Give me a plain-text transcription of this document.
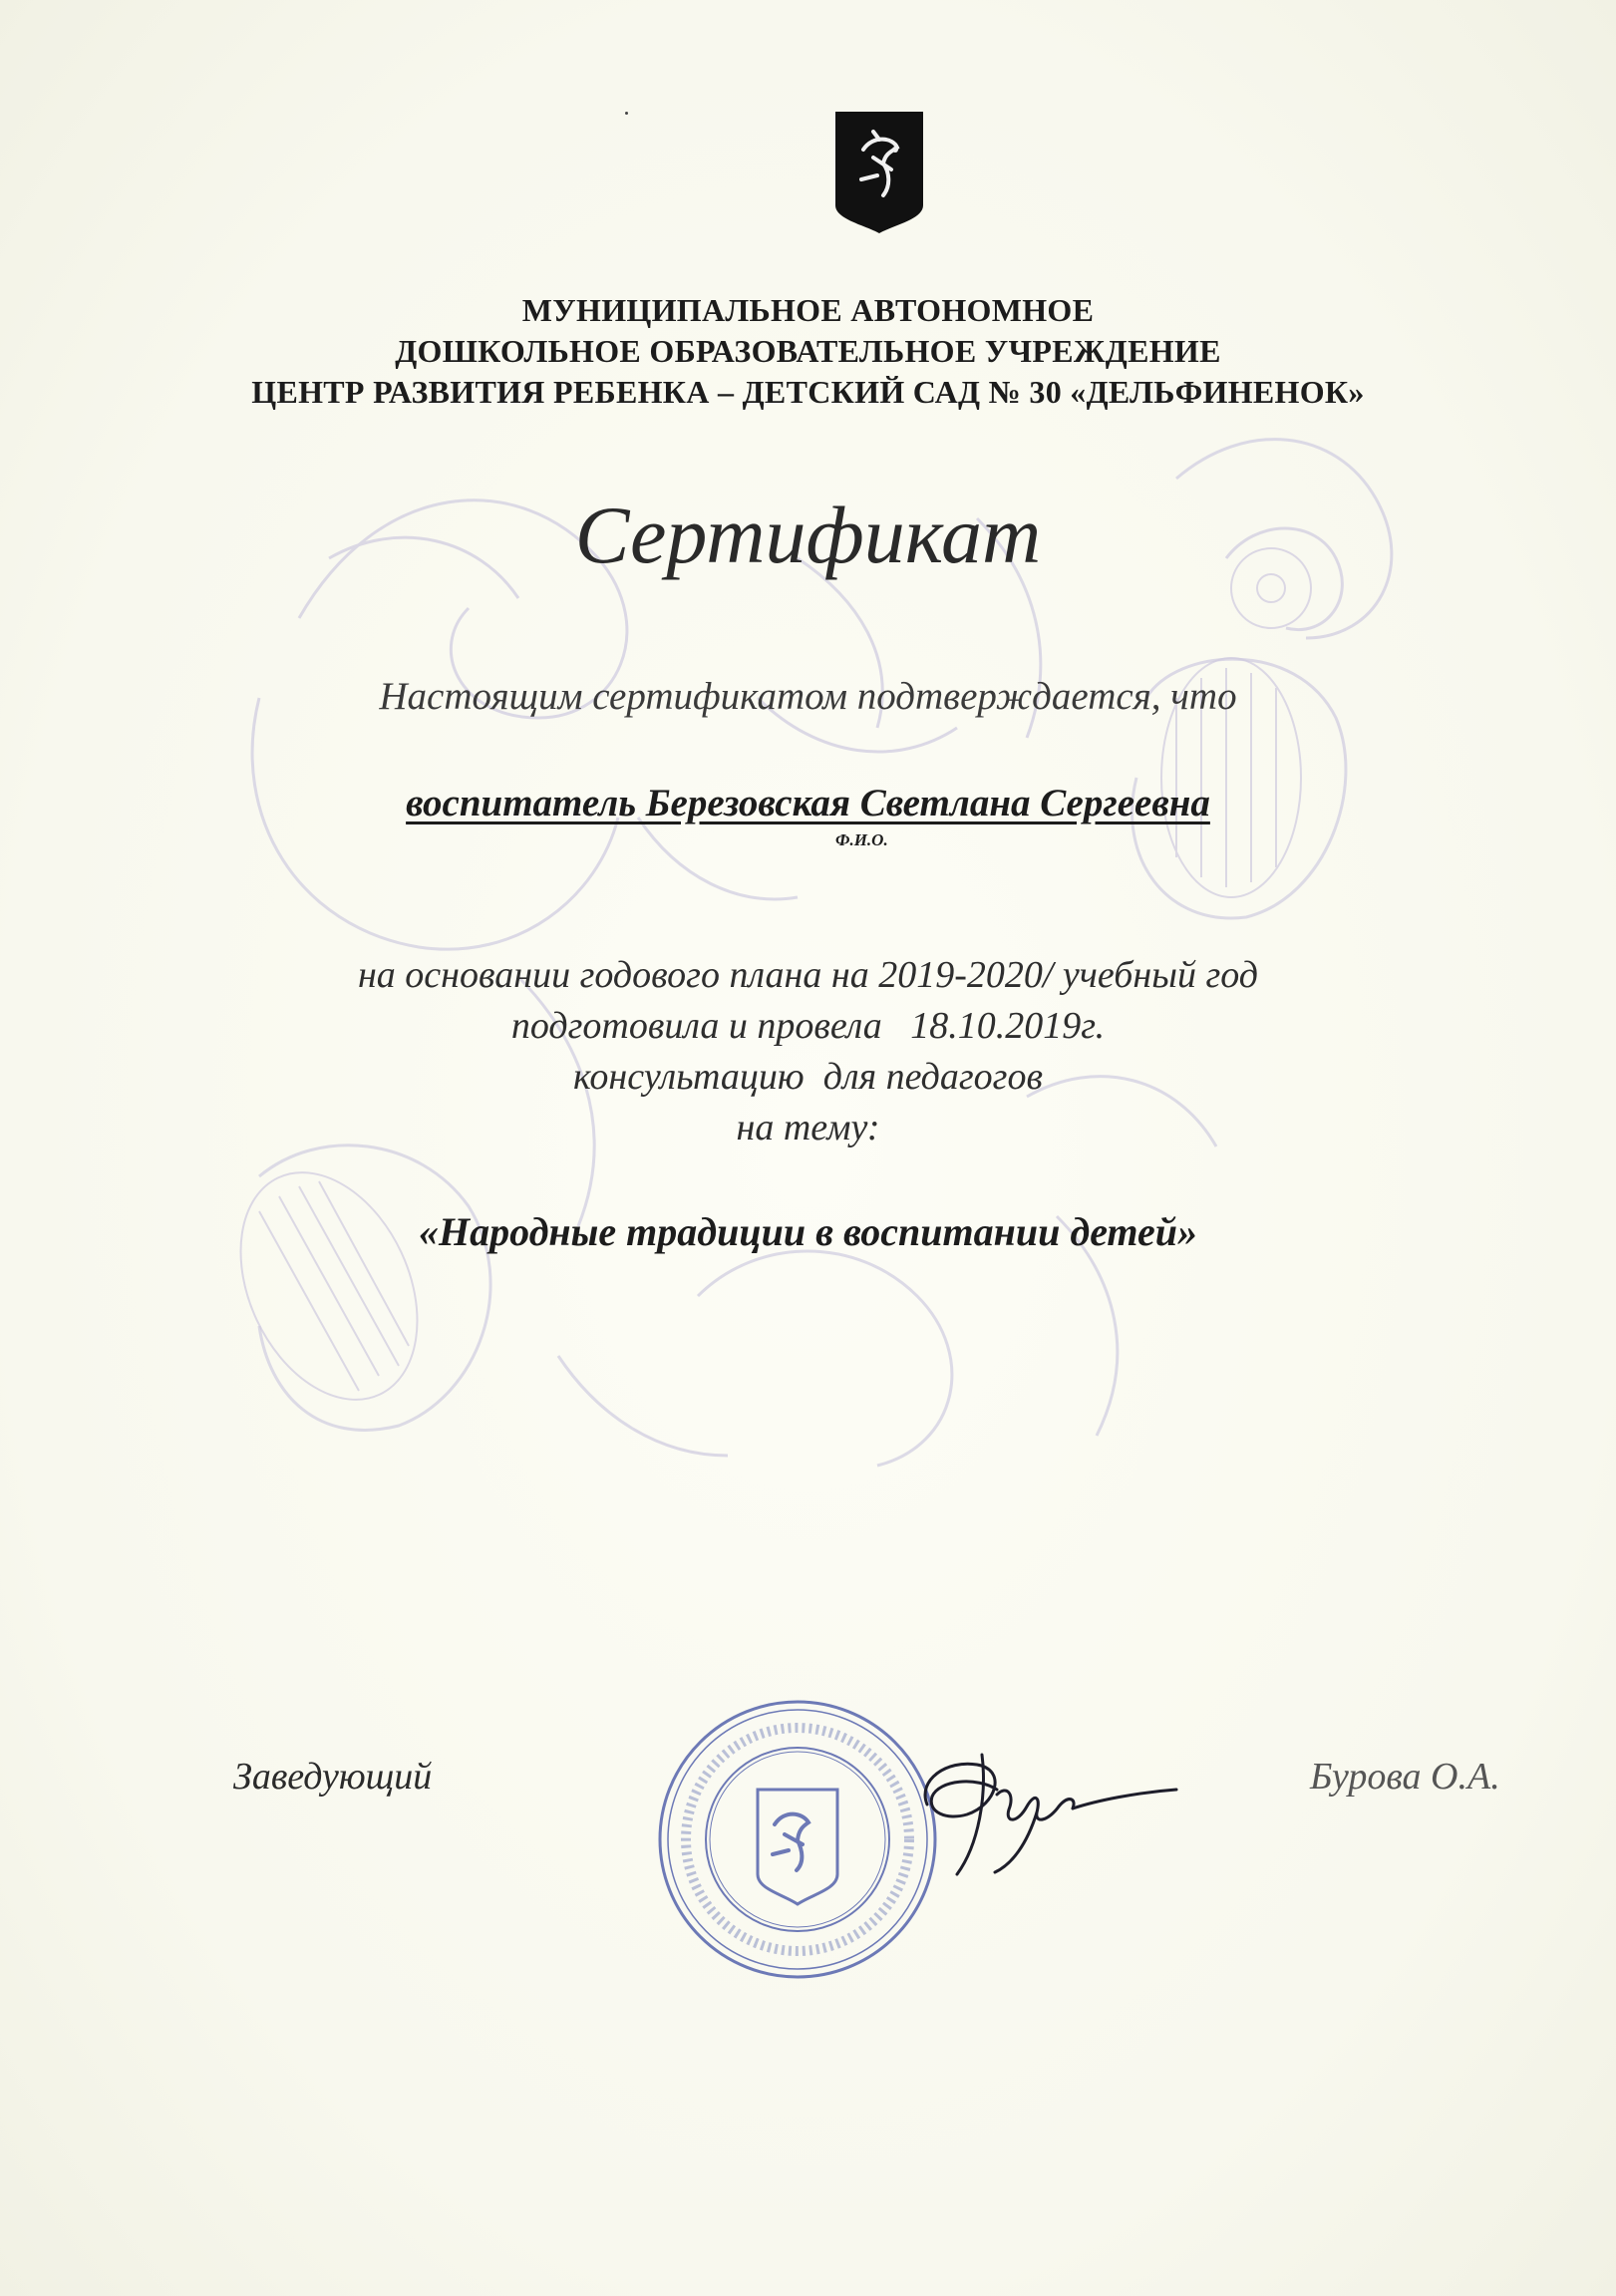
МУНИЦИПАЛЬНОЕ АВТОНОМНОЕ
ДОШКОЛЬНОЕ ОБРАЗОВАТЕЛЬНОЕ УЧРЕЖДЕНИЕ
ЦЕНТР РАЗВИТИЯ РЕБЕНКА – ДЕТСКИЙ САД № 30 «ДЕЛЬФИНЕНОК»
Сертификат
Настоящим сертификатом подтверждается, что
воспитатель Березовская Светлана Сергеевна
Ф.И.О.
на основании годового плана на 2019-2020/ учебный год
подготовила и провела   18.10.2019г.
консультацию  для педагогов
на тему:
«Народные традиции в воспитании детей»
Заведующий	Бурова О.А.
